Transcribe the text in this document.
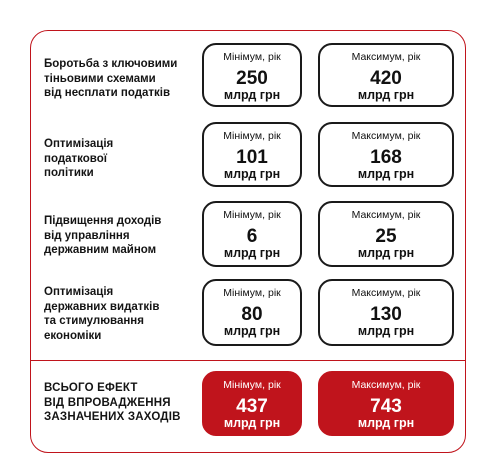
Боротьба з ключовими
тіньовими схемами
від несплати податків
Мінімум, рік
250
млрд грн
Максимум, рік
420
млрд грн
Оптимізація
податкової
політики
Мінімум, рік
101
млрд грн
Максимум, рік
168
млрд грн
Підвищення доходів
від управління
державним майном
Мінімум, рік
6
млрд грн
Максимум, рік
25
млрд грн
Оптимізація
державних видатків
та стимулювання
економіки
Мінімум, рік
80
млрд грн
Максимум, рік
130
млрд грн
ВСЬОГО ЕФЕКТ
ВІД ВПРОВАДЖЕННЯ
ЗАЗНАЧЕНИХ ЗАХОДІВ
Мінімум, рік
437
млрд грн
Максимум, рік
743
млрд грн
